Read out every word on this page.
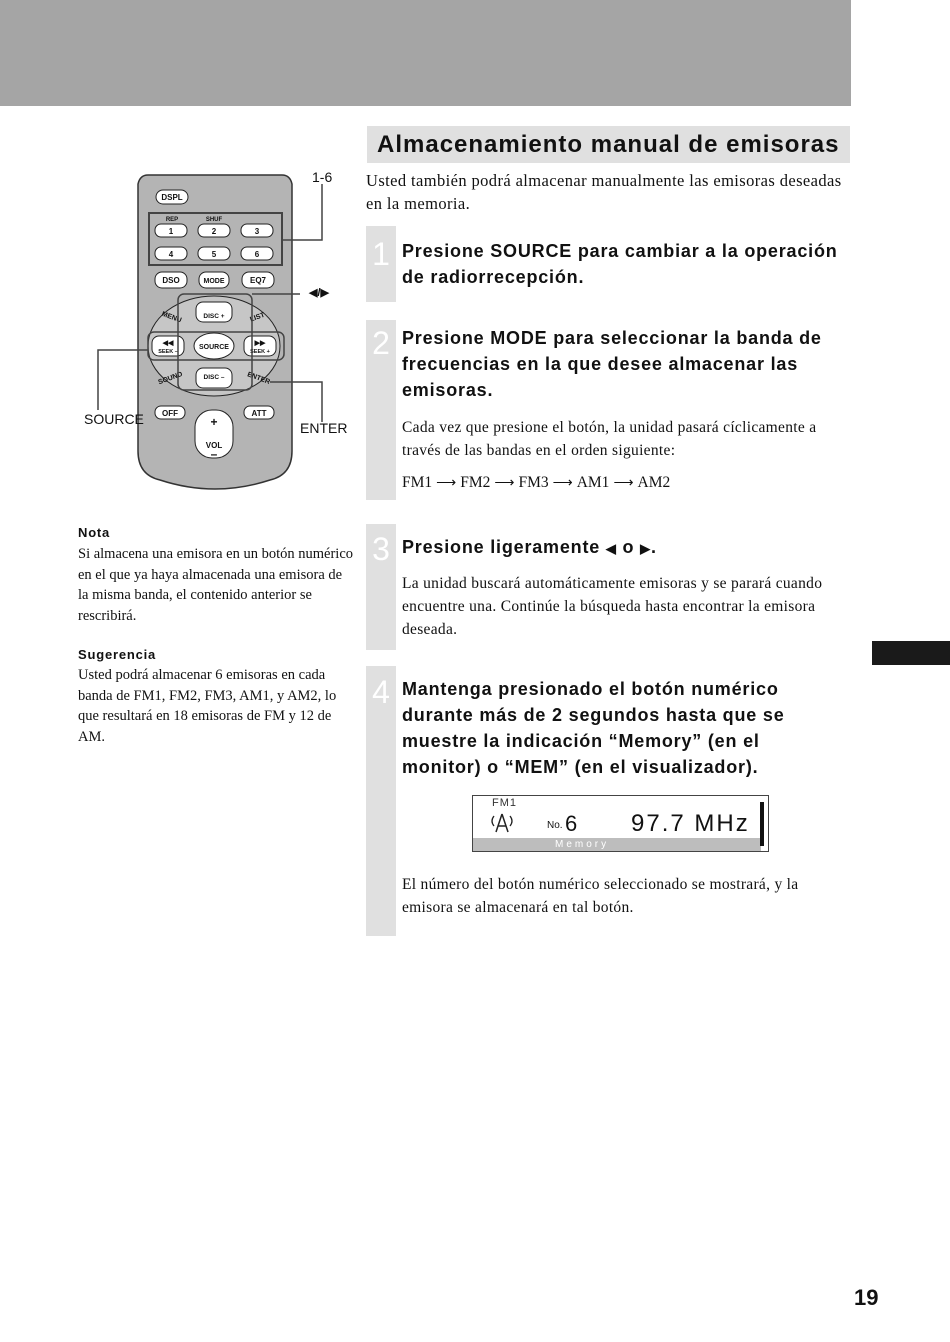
DSPL
REP	SHUF
1	2	3
4	5	6
DSO	MODE	EQ7
DISC +
DISC –
SEEK –	SEEK +
◀◀	▶▶
SOURCE
MENU	LIST
SOUND	ENTER
OFF	ATT
+
VOL
–
1-6
◀/▶
SOURCE
ENTER
Nota
Si almacena una emisora en un botón numérico en el que ya haya almacenada una emisora de la misma banda, el contenido anterior se rescribirá.
Sugerencia
Usted podrá almacenar 6 emisoras en cada banda de FM1, FM2, FM3, AM1, y AM2, lo que resultará en 18 emisoras de FM y 12 de AM.
Almacenamiento manual de emisoras
Usted también podrá almacenar manualmente las emisoras deseadas en la memoria.
1 Presione SOURCE para cambiar a la operación de radiorrecepción.
2 Presione MODE para seleccionar la banda de frecuencias en la que desee almacenar las emisoras.
Cada vez que presione el botón, la unidad pasará cíclicamente a través de las bandas en el orden siguiente:
FM1 ⟶ FM2 ⟶ FM3 ⟶ AM1 ⟶ AM2
3 Presione ligeramente ◀ o ▶.
La unidad buscará automáticamente emisoras y se parará cuando encuentre una. Continúe la búsqueda hasta encontrar la emisora deseada.
4 Mantenga presionado el botón numérico durante más de 2 segundos hasta que se muestre la indicación “Memory” (en el monitor) o “MEM” (en el visualizador).
FM1
No. 6 97.7 MHz
Memory
El número del botón numérico seleccionado se mostrará, y la emisora se almacenará en tal botón.
19
